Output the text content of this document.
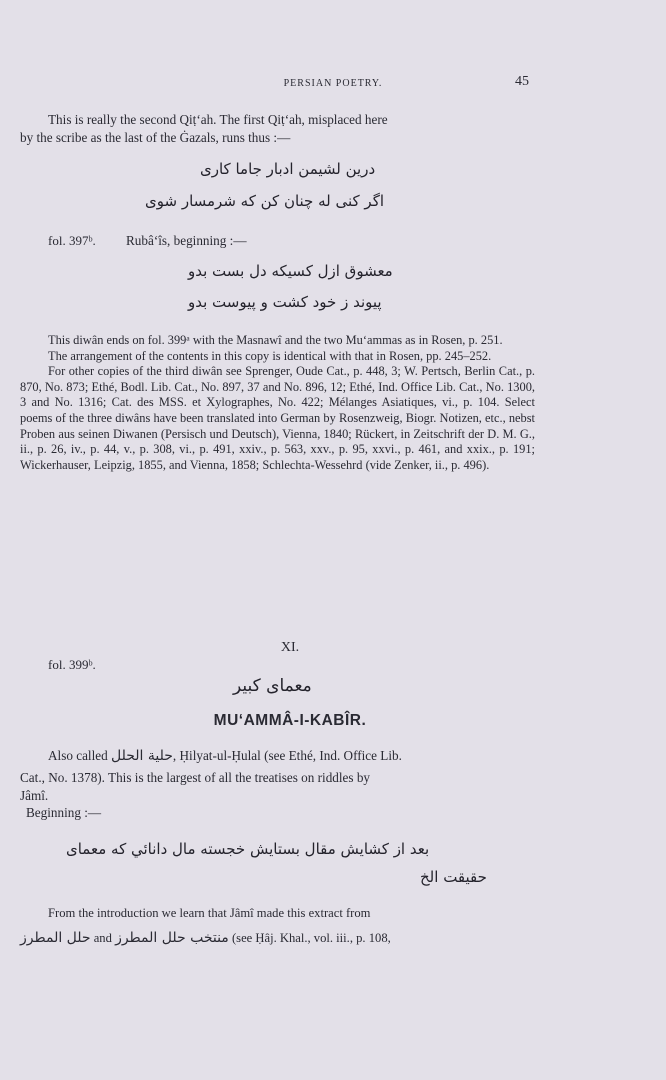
PERSIAN POETRY.	45
This is really the second Qiṭ‘ah. The first Qiṭ‘ah, misplaced here
by the scribe as the last of the Ġazals, runs thus :—
درین لشیمن ادبار جاما کاری
اگر کنی له چنان کن که شرمسار شوی
fol. 397ᵇ. Rubâ‘îs, beginning :—
معشوق ازل کسیکه دل بست بدو
پیوند ز خود کشت و پیوست بدو

This diwân ends on fol. 399ᵃ with the Masnawî and the two Mu‘ammas as in Rosen, p. 251.

The arrangement of the contents in this copy is identical with that in Rosen, pp. 245–252.

For other copies of the third diwân see Sprenger, Oude Cat., p. 448, 3; W. Pertsch, Berlin Cat., p. 870, No. 873; Ethé, Bodl. Lib. Cat., No. 897, 37 and No. 896, 12; Ethé, Ind. Office Lib. Cat., No. 1300, 3 and No. 1316; Cat. des MSS. et Xylographes, No. 422; Mélanges Asiatiques, vi., p. 104. Select poems of the three diwâns have been translated into German by Rosenzweig, Biogr. Notizen, etc., nebst Proben aus seinen Diwanen (Persisch und Deutsch), Vienna, 1840; Rückert, in Zeitschrift der D. M. G., ii., p. 26, iv., p. 44, v., p. 308, vi., p. 491, xxiv., p. 563, xxv., p. 95, xxvi., p. 461, and xxix., p. 191; Wickerhauser, Leipzig, 1855, and Vienna, 1858; Schlechta-Wessehrd (vide Zenker, ii., p. 496).

XI.
fol. 399ᵇ.
معمای کبیر
MU‘AMMÂ-I-KABÎR.
Also called حلیة الحلل, Ḥilyat-ul-Ḥulal (see Ethé, Ind. Office Lib.
Cat., No. 1378). This is the largest of all the treatises on riddles by
Jâmî.
Beginning :—
بعد از کشایش مقال بستایش خجسته مال دانائي که معمای
حقیقت الخ
From the introduction we learn that Jâmî made this extract from
حلل المطرز and منتخب حلل المطرز (see Ḥâj. Khal., vol. iii., p. 108,
